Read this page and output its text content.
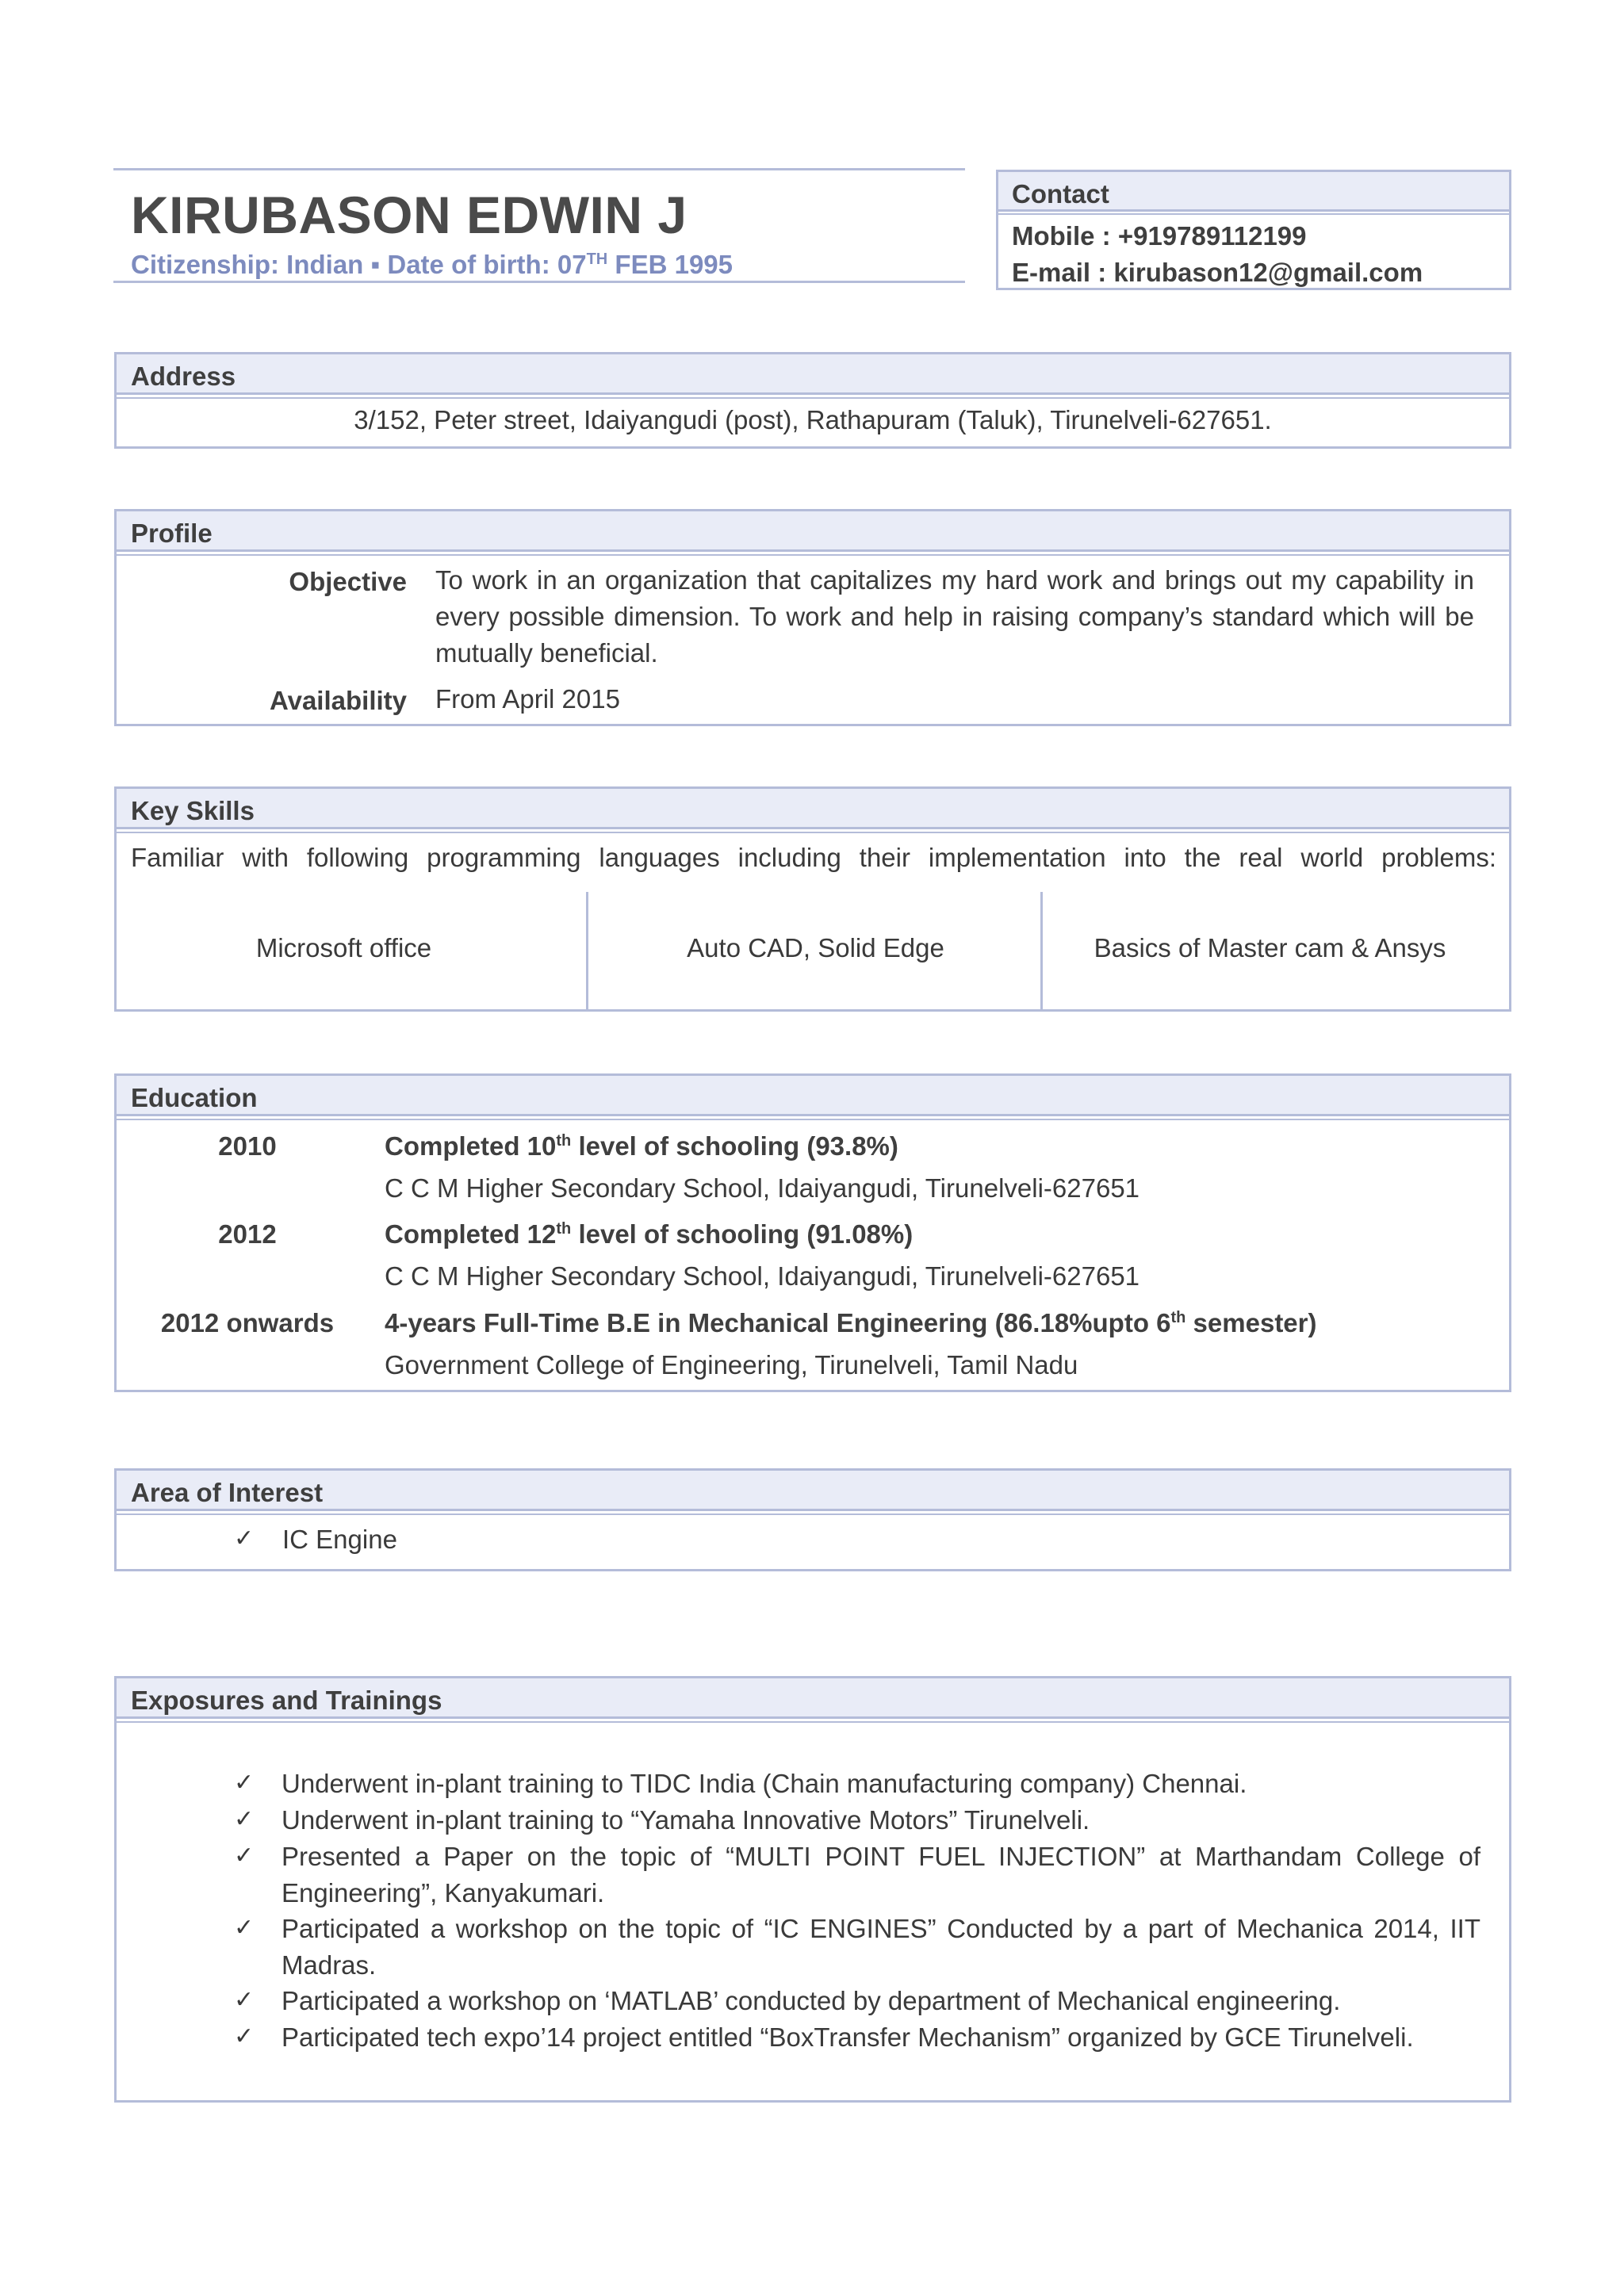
KIRUBASON EDWIN J
Citizenship: Indian ▪ Date of birth: 07TH FEB 1995
Contact
Mobile : +919789112199
E-mail : kirubason12@gmail.com
Address
3/152, Peter street, Idaiyangudi (post), Rathapuram (Taluk), Tirunelveli-627651.
Profile
Objective To work in an organization that capitalizes my hard work and brings out my capability in every possible dimension. To work and help in raising company’s standard which will be mutually beneficial.
Availability From April 2015
Key Skills
Familiar with following programming languages including their implementation into the real world problems:
Microsoft office	Auto CAD, Solid Edge	Basics of Master cam & Ansys
Education
2010	Completed 10th level of schooling (93.8%)
C C M Higher Secondary School, Idaiyangudi, Tirunelveli-627651
2012	Completed 12th level of schooling (91.08%)
C C M Higher Secondary School, Idaiyangudi, Tirunelveli-627651
2012 onwards	4-years Full-Time B.E in Mechanical Engineering (86.18%upto 6th semester)
Government College of Engineering, Tirunelveli, Tamil Nadu
Area of Interest
✓ IC Engine
Exposures and Trainings
✓ Underwent in-plant training to TIDC India (Chain manufacturing company) Chennai.
✓ Underwent in-plant training to “Yamaha Innovative Motors” Tirunelveli.
✓ Presented a Paper on the topic of “MULTI POINT FUEL INJECTION” at Marthandam College of Engineering”, Kanyakumari.
✓ Participated a workshop on the topic of “IC ENGINES” Conducted by a part of Mechanica 2014, IIT Madras.
✓ Participated a workshop on ‘MATLAB’ conducted by department of Mechanical engineering.
✓ Participated tech expo’14 project entitled “BoxTransfer Mechanism” organized by GCE Tirunelveli.
